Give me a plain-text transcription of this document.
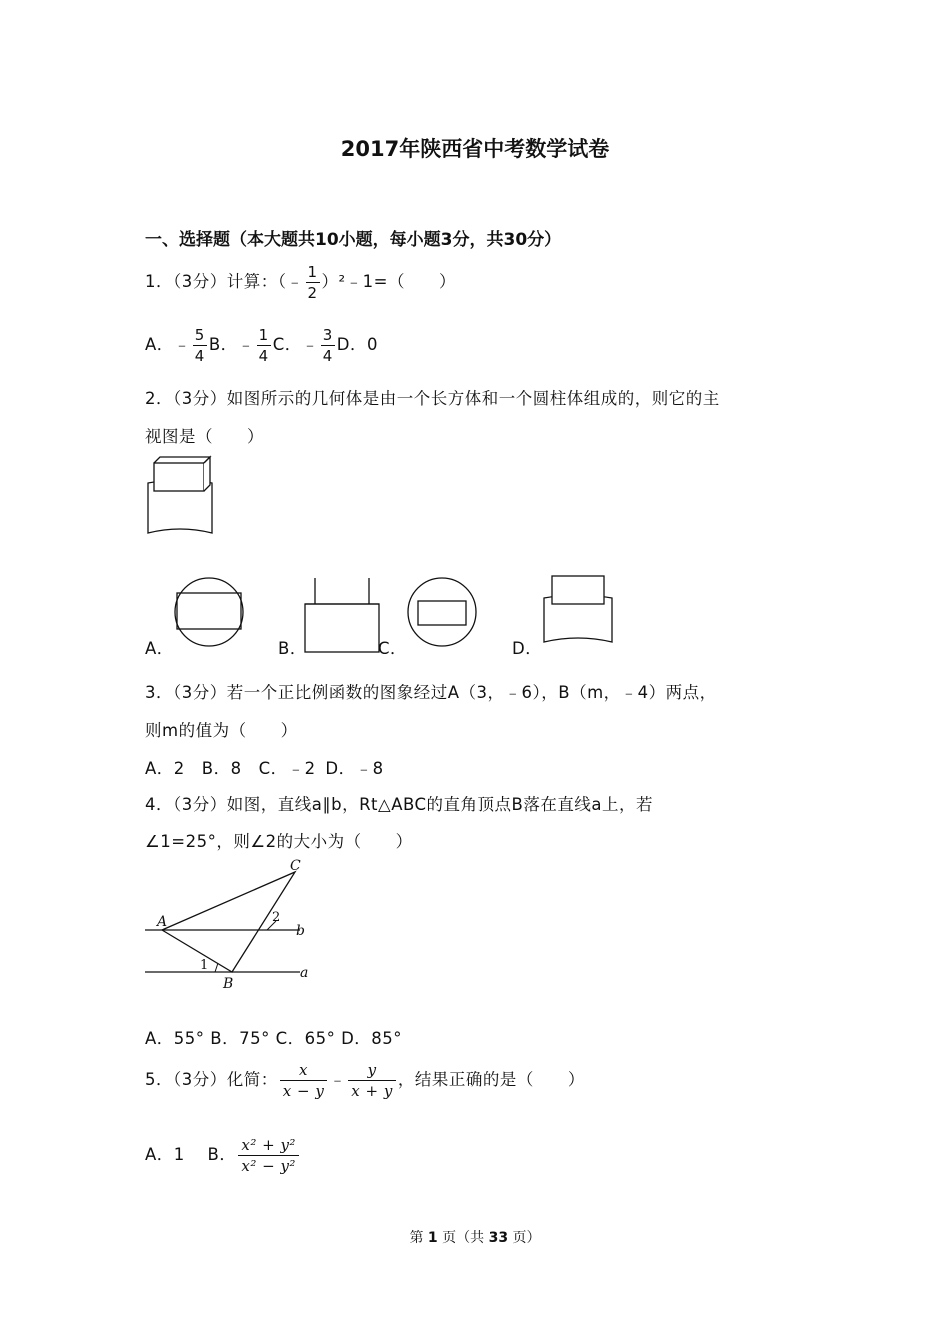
2017年陕西省中考数学试卷
一、选择题（本大题共10小题，每小题3分，共30分）
1．（3分）计算：（﹣ $\frac{1}{2}$ ）²﹣1=（　　）
A．﹣ $\frac{5}{4}$ B．﹣ $\frac{1}{4}$ C．﹣ $\frac{3}{4}$ D．0
2．（3分）如图所示的几何体是由一个长方体和一个圆柱体组成的，则它的主
视图是（　　）
A．	B．	C．	D．
3．（3分）若一个正比例函数的图象经过A（3，﹣6），B（m，﹣4）两点，
则m的值为（　　）
A．2　B．8　C．﹣2 D．﹣8
4．（3分）如图，直线a∥b，Rt△ABC的直角顶点B落在直线a上，若
∠1=25°，则∠2的大小为（　　）
C
A	2
b
1	a
B
A．55° B．75° C．65° D．85°
5．（3分）化简： $\frac{x}{x - y}$ ﹣ $\frac{y}{x + y}$ ，结果正确的是（　　）
A．1　 B． $\frac{\text{x² + y²}}{\text{x² − y²}}$
第 1 页（共 33 页）
